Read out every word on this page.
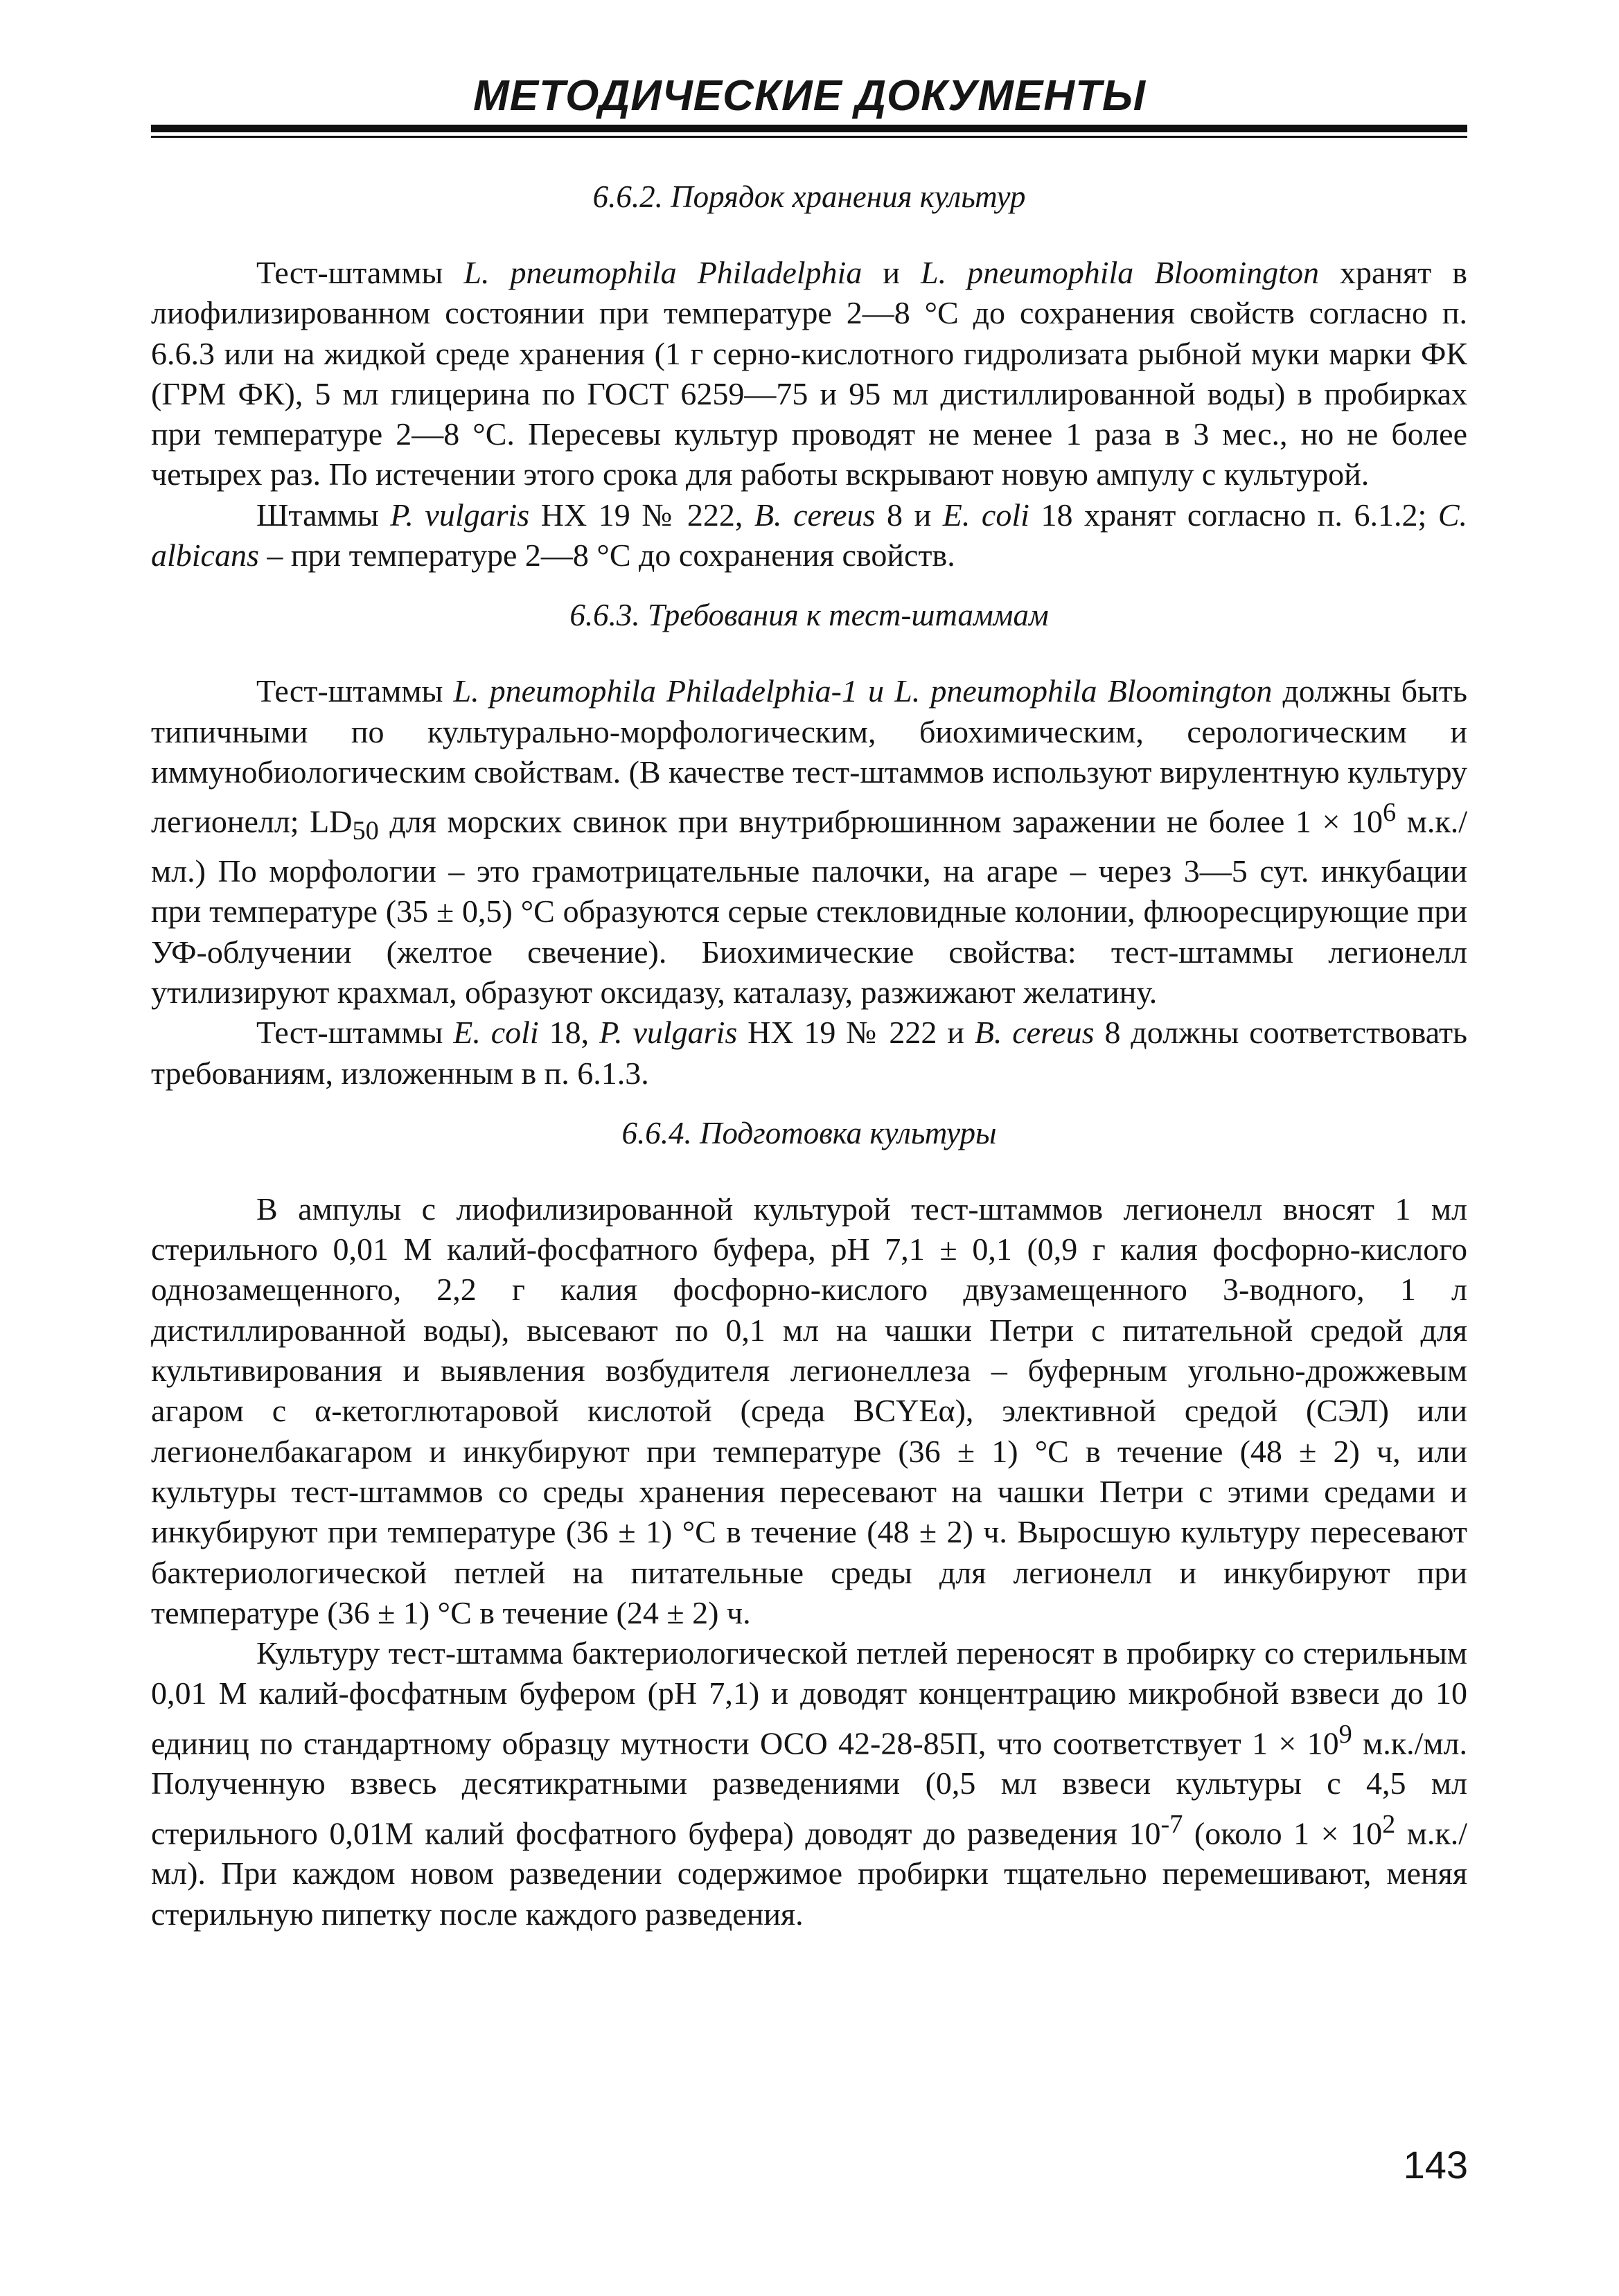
МЕТОДИЧЕСКИЕ ДОКУМЕНТЫ
6.6.2. Порядок хранения культур

Тест-штаммы L. pneumophila Philadelphia и L. pneumophila Bloomington хранят в лиофилизированном состоянии при температуре 2—8 °С до сохранения свойств согласно п. 6.6.3 или на жидкой среде хранения (1 г серно-кислотного гидролизата рыбной муки марки ФК (ГРМ ФК), 5 мл глицерина по ГОСТ 6259—75 и 95 мл дистиллированной воды) в пробирках при температуре 2—8 °С. Пересевы культур проводят не менее 1 раза в 3 мес., но не более четырех раз. По истечении этого срока для работы вскрывают новую ампулу с культурой.

Штаммы P. vulgaris HX 19 № 222, B. cereus 8 и E. coli 18 хранят согласно п. 6.1.2; C. albicans – при температуре 2—8 °С до сохранения свойств.

6.6.3. Требования к тест-штаммам

Тест-штаммы L. pneumophila Philadelphia-1 и L. pneumophila Bloomington должны быть типичными по культурально-морфологическим, биохимическим, серологическим и иммунобиологическим свойствам. (В качестве тест-штаммов используют вирулентную культуру легионелл; $LD_{50}$ для морских свинок при внутрибрюшинном заражении не более $1 \times 10^6$ м.к./мл.) По морфологии – это грамотрицательные палочки, на агаре – через 3—5 сут. инкубации при температуре (35 ± 0,5) °С образуются серые стекловидные колонии, флюоресцирующие при УФ-облучении (желтое свечение). Биохимические свойства: тест-штаммы легионелл утилизируют крахмал, образуют оксидазу, каталазу, разжижают желатину.

Тест-штаммы E. coli 18, P. vulgaris HX 19 № 222 и B. cereus 8 должны соответствовать требованиям, изложенным в п. 6.1.3.

6.6.4. Подготовка культуры

В ампулы с лиофилизированной культурой тест-штаммов легионелл вносят 1 мл стерильного 0,01 М калий-фосфатного буфера, рН 7,1 ± 0,1 (0,9 г калия фосфорно-кислого однозамещенного, 2,2 г калия фосфорно-кислого двузамещенного 3-водного, 1 л дистиллированной воды), высевают по 0,1 мл на чашки Петри с питательной средой для культивирования и выявления возбудителя легионеллеза – буферным угольно-дрожжевым агаром с α-кетоглютаровой кислотой (среда BCYEα), элективной средой (СЭЛ) или легионелбакагаром и инкубируют при температуре (36 ± 1) °С в течение (48 ± 2) ч, или культуры тест-штаммов со среды хранения пересевают на чашки Петри с этими средами и инкубируют при температуре (36 ± 1) °С в течение (48 ± 2) ч. Выросшую культуру пересевают бактериологической петлей на питательные среды для легионелл и инкубируют при температуре (36 ± 1) °С в течение (24 ± 2) ч.

Культуру тест-штамма бактериологической петлей переносят в пробирку со стерильным 0,01 М калий-фосфатным буфером (рН 7,1) и доводят концентрацию микробной взвеси до 10 единиц по стандартному образцу мутности ОСО 42-28-85П, что соответствует $1 \times 10^9$ м.к./мл. Полученную взвесь десятикратными разведениями (0,5 мл взвеси культуры с 4,5 мл стерильного 0,01М калий фосфатного буфера) доводят до разведения $10^{-7}$ (около $1 \times 10^2$ м.к./мл). При каждом новом разведении содержимое пробирки тщательно перемешивают, меняя стерильную пипетку после каждого разведения.

143
